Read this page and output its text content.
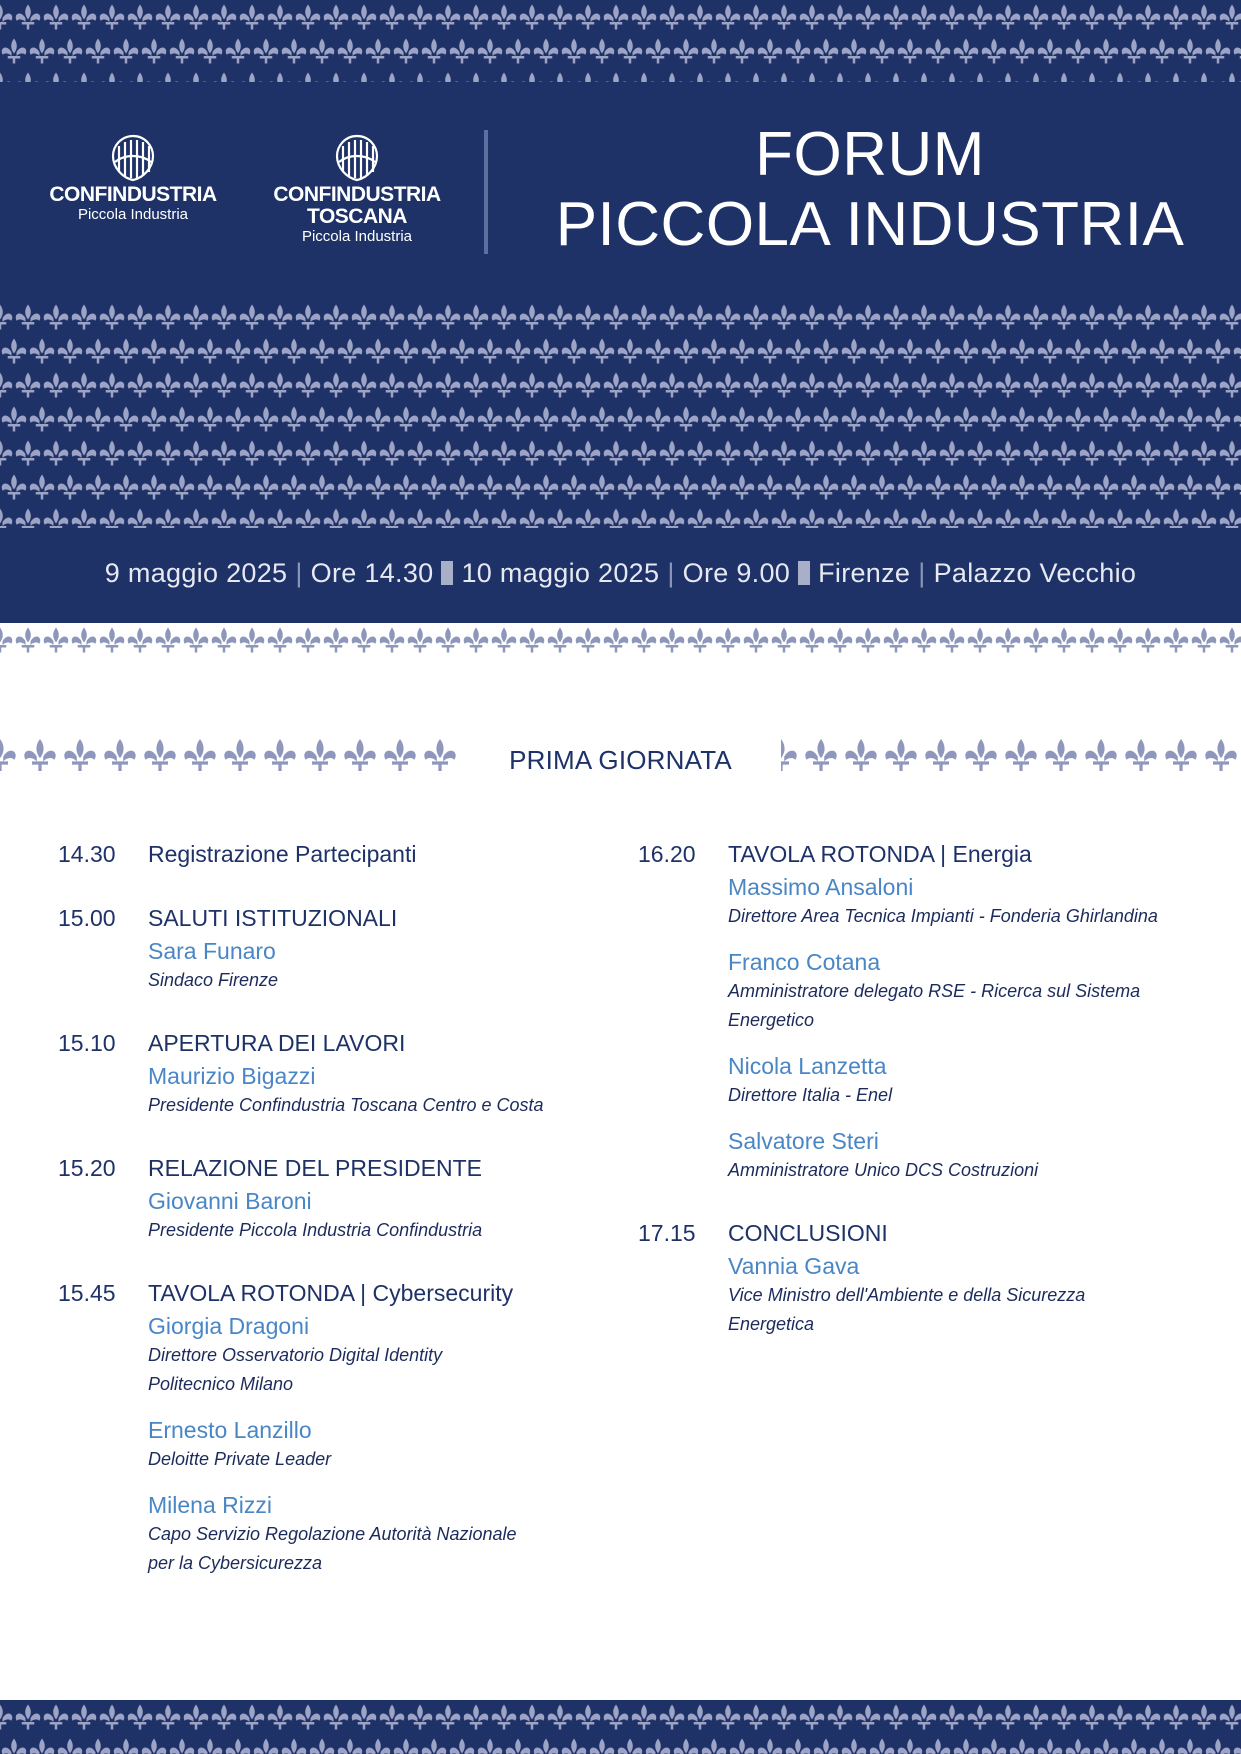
CONFINDUSTRIA
Piccola Industria
CONFINDUSTRIA
TOSCANA
Piccola Industria
FORUM
PICCOLA INDUSTRIA
9 maggio 2025 | Ore 14.30 10 maggio 2025 | Ore 9.00 Firenze | Palazzo Vecchio
PRIMA GIORNATA
14.30 Registrazione Partecipanti
15.00 SALUTI ISTITUZIONALI
Sara Funaro
Sindaco Firenze
15.10 APERTURA DEI LAVORI
Maurizio Bigazzi
Presidente Confindustria Toscana Centro e Costa
15.20 RELAZIONE DEL PRESIDENTE
Giovanni Baroni
Presidente Piccola Industria Confindustria
15.45 TAVOLA ROTONDA | Cybersecurity
Giorgia Dragoni
Direttore Osservatorio Digital Identity
Politecnico Milano
Ernesto Lanzillo
Deloitte Private Leader
Milena Rizzi
Capo Servizio Regolazione Autorità Nazionale
per la Cybersicurezza
16.20 TAVOLA ROTONDA | Energia
Massimo Ansaloni
Direttore Area Tecnica Impianti - Fonderia Ghirlandina
Franco Cotana
Amministratore delegato RSE - Ricerca sul Sistema
Energetico
Nicola Lanzetta
Direttore Italia - Enel
Salvatore Steri
Amministratore Unico DCS Costruzioni
17.15 CONCLUSIONI
Vannia Gava
Vice Ministro dell'Ambiente e della Sicurezza
Energetica
